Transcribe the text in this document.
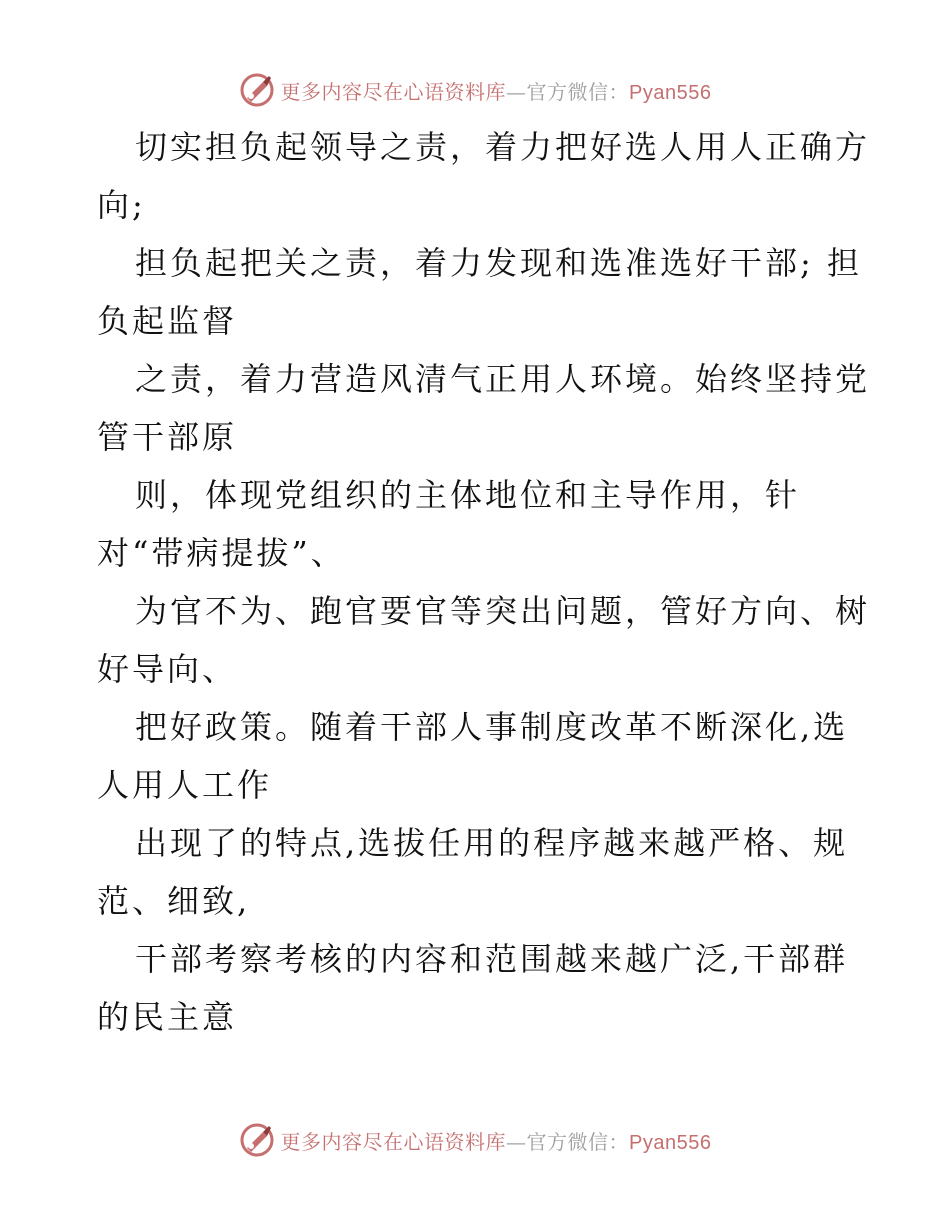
更多内容尽在心语资料库—官方微信：Pyan556
切实担负起领导之责，着力把好选人用人正确方
向;
担负起把关之责，着力发现和选准选好干部; 担
负起监督
之责，着力营造风清气正用人环境。始终坚持党
管干部原
则，体现党组织的主体地位和主导作用，针
对“带病提拔”、
为官不为、跑官要官等突出问题，管好方向、树
好导向、
把好政策。随着干部人事制度改革不断深化,选
人用人工作
出现了的特点,选拔任用的程序越来越严格、规
范、细致,
干部考察考核的内容和范围越来越广泛,干部群
的民主意
更多内容尽在心语资料库—官方微信：Pyan556
